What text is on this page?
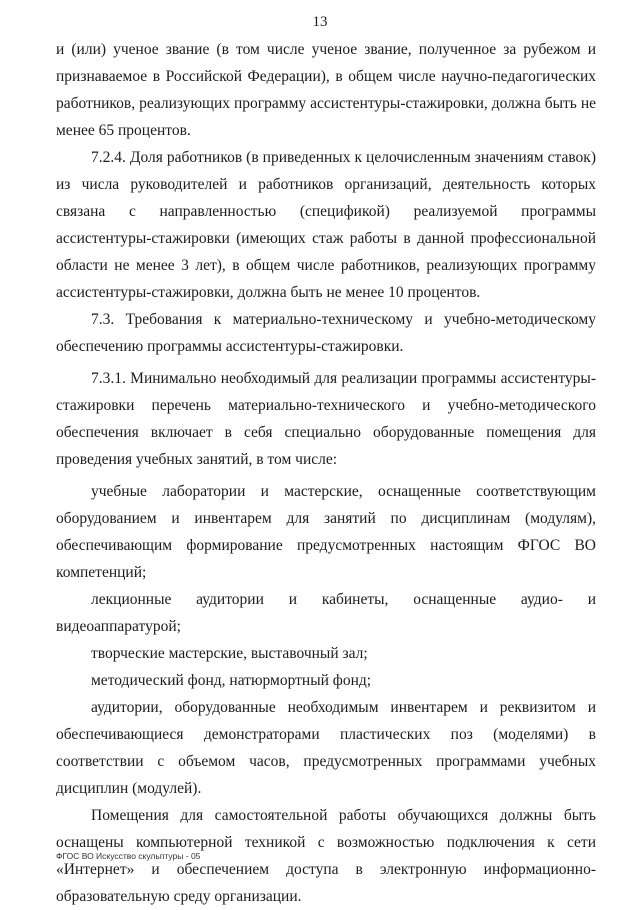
13

и (или) ученое звание (в том числе ученое звание, полученное за рубежом и признаваемое в Российской Федерации), в общем числе научно-педагогических работников, реализующих программу ассистентуры-стажировки, должна быть не менее 65 процентов.

7.2.4. Доля работников (в приведенных к целочисленным значениям ставок) из числа руководителей и работников организаций, деятельность которых связана с направленностью (спецификой) реализуемой программы ассистентуры-стажировки (имеющих стаж работы в данной профессиональной области не менее 3 лет), в общем числе работников, реализующих программу ассистентуры-стажировки, должна быть не менее 10 процентов.

7.3. Требования к материально-техническому и учебно-методическому обеспечению программы ассистентуры-стажировки.

7.3.1. Минимально необходимый для реализации программы ассистентуры-стажировки перечень материально-технического и учебно-методического обеспечения включает в себя специально оборудованные помещения для проведения учебных занятий, в том числе:

учебные лаборатории и мастерские, оснащенные соответствующим оборудованием и инвентарем для занятий по дисциплинам (модулям), обеспечивающим формирование предусмотренных настоящим ФГОС ВО компетенций;

лекционные аудитории и кабинеты, оснащенные аудио- и видеоаппаратурой;

творческие мастерские, выставочный зал;

методический фонд, натюрмортный фонд;

аудитории, оборудованные необходимым инвентарем и реквизитом и обеспечивающиеся демонстраторами пластических поз (моделями) в соответствии с объемом часов, предусмотренных программами учебных дисциплин (модулей).

Помещения для самостоятельной работы обучающихся должны быть оснащены компьютерной техникой с возможностью подключения к сети «Интернет» и обеспечением доступа в электронную информационно-образовательную среду организации.

ФГОС ВО Искусство скульптуры - 05
